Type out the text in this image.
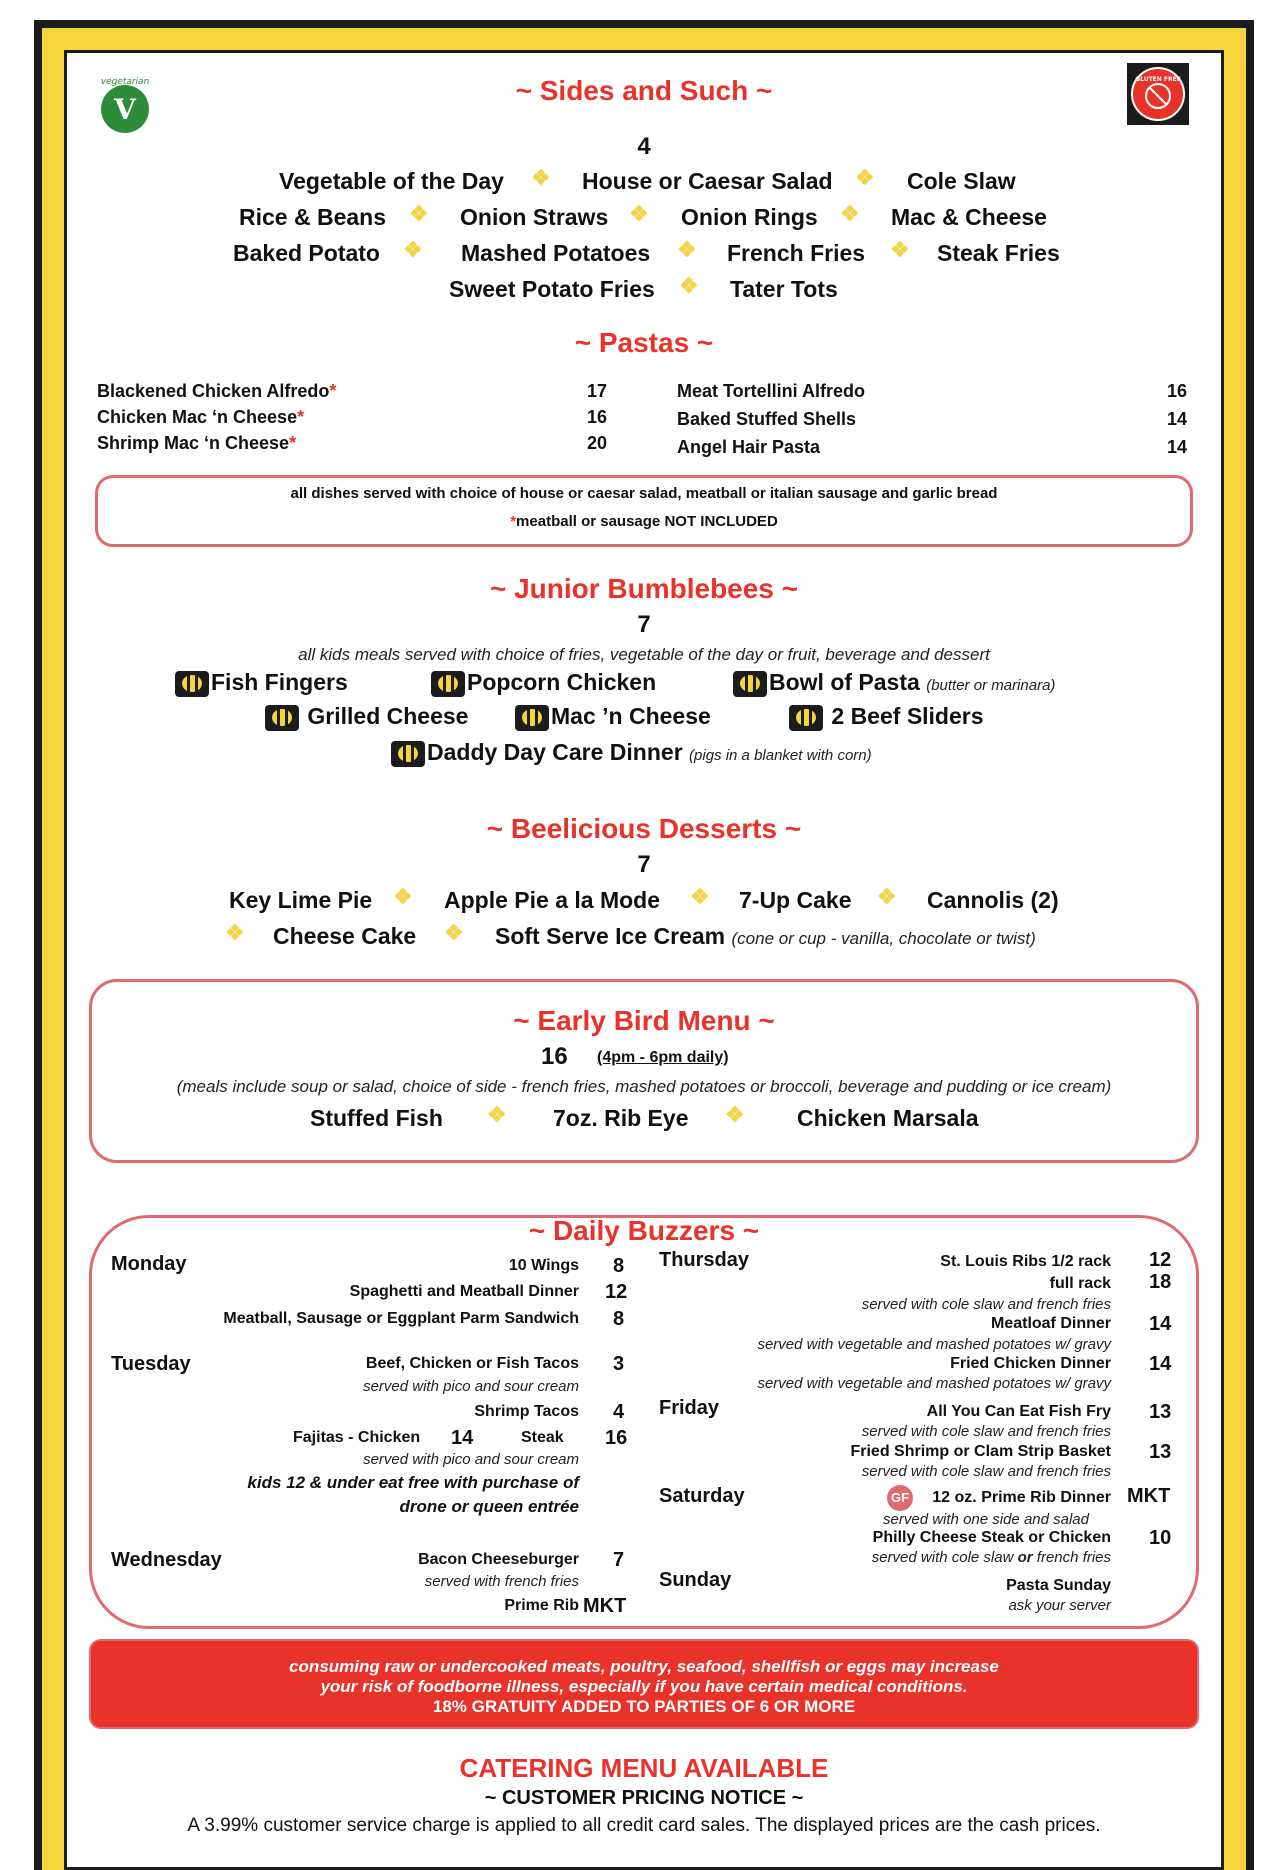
V
vegetarian	GLUTEN FREE
~ Sides and Such ~
4
Vegetable of the Day ❖ House or Caesar Salad ❖ Cole Slaw
Rice & Beans ❖ Onion Straws ❖ Onion Rings ❖ Mac & Cheese
Baked Potato ❖ Mashed Potatoes ❖ French Fries ❖ Steak Fries
Sweet Potato Fries ❖ Tater Tots
~ Pastas ~
Blackened Chicken Alfredo*	17
Chicken Mac ‘n Cheese*	16
Shrimp Mac ‘n Cheese*	20
Meat Tortellini Alfredo	16
Baked Stuffed Shells	14
Angel Hair Pasta	14
all dishes served with choice of house or caesar salad, meatball or italian sausage and garlic bread
*meatball or sausage NOT INCLUDED
~ Junior Bumblebees ~
7
all kids meals served with choice of fries, vegetable of the day or fruit, beverage and dessert
Fish Fingers	Popcorn Chicken	Bowl of Pasta (butter or marinara)
Grilled Cheese	Mac ’n Cheese	2 Beef Sliders
Daddy Day Care Dinner (pigs in a blanket with corn)
~ Beelicious Desserts ~
7
Key Lime Pie ❖ Apple Pie a la Mode ❖ 7-Up Cake ❖ Cannolis (2)
❖ Cheese Cake ❖ Soft Serve Ice Cream (cone or cup - vanilla, chocolate or twist)
~ Early Bird Menu ~
16 (4pm - 6pm daily)
(meals include soup or salad, choice of side - french fries, mashed potatoes or broccoli, beverage and pudding or ice cream)
Stuffed Fish ❖ 7oz. Rib Eye ❖ Chicken Marsala
~ Daily Buzzers ~
Monday	10 Wings 8
Spaghetti and Meatball Dinner 12
Meatball, Sausage or Eggplant Parm Sandwich 8
Tuesday	Beef, Chicken or Fish Tacos 3
served with pico and sour cream
Shrimp Tacos 4
Fajitas - Chicken 14	Steak 16
served with pico and sour cream
kids 12 & under eat free with purchase of
drone or queen entrée
Wednesday	Bacon Cheeseburger 7
served with french fries
Prime Rib MKT
Thursday	St. Louis Ribs 1/2 rack 12
full rack 18
served with cole slaw and french fries
Meatloaf Dinner 14
served with vegetable and mashed potatoes w/ gravy
Fried Chicken Dinner 14
served with vegetable and mashed potatoes w/ gravy
Friday	All You Can Eat Fish Fry 13
served with cole slaw and french fries
Fried Shrimp or Clam Strip Basket 13
served with cole slaw and french fries
Saturday	GF 12 oz. Prime Rib Dinner MKT
served with one side and salad
Philly Cheese Steak or Chicken 10
served with cole slaw or french fries
Sunday	Pasta Sunday
ask your server
consuming raw or undercooked meats, poultry, seafood, shellfish or eggs may increase
your risk of foodborne illness, especially if you have certain medical conditions.
18% GRATUITY ADDED TO PARTIES OF 6 OR MORE
CATERING MENU AVAILABLE
~ CUSTOMER PRICING NOTICE ~
A 3.99% customer service charge is applied to all credit card sales. The displayed prices are the cash prices.
